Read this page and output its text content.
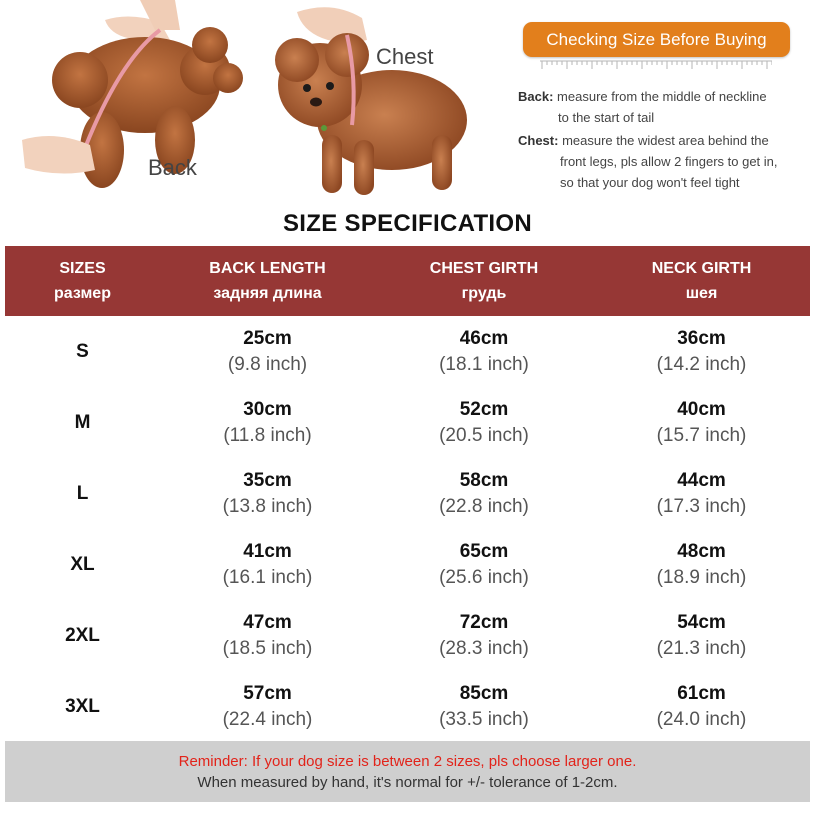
Back
Chest
Checking Size Before Buying
Back: measure from the middle of neckline
to the start of tail
Chest: measure the widest area behind the
front legs, pls allow 2 fingers to get in,
so that your dog won't feel tight
SIZE SPECIFICATION
SIZES
размер
BACK LENGTH
задняя длина
CHEST GIRTH
грудь
NECK GIRTH
шея
S
25cm
(9.8 inch)
46cm
(18.1 inch)
36cm
(14.2 inch)
M
30cm
(11.8 inch)
52cm
(20.5 inch)
40cm
(15.7 inch)
L
35cm
(13.8 inch)
58cm
(22.8 inch)
44cm
(17.3 inch)
XL
41cm
(16.1 inch)
65cm
(25.6 inch)
48cm
(18.9 inch)
2XL
47cm
(18.5 inch)
72cm
(28.3 inch)
54cm
(21.3 inch)
3XL
57cm
(22.4 inch)
85cm
(33.5 inch)
61cm
(24.0 inch)
Reminder: If your dog size is between 2 sizes, pls choose larger one.
When measured by hand, it's normal for +/- tolerance of 1-2cm.
